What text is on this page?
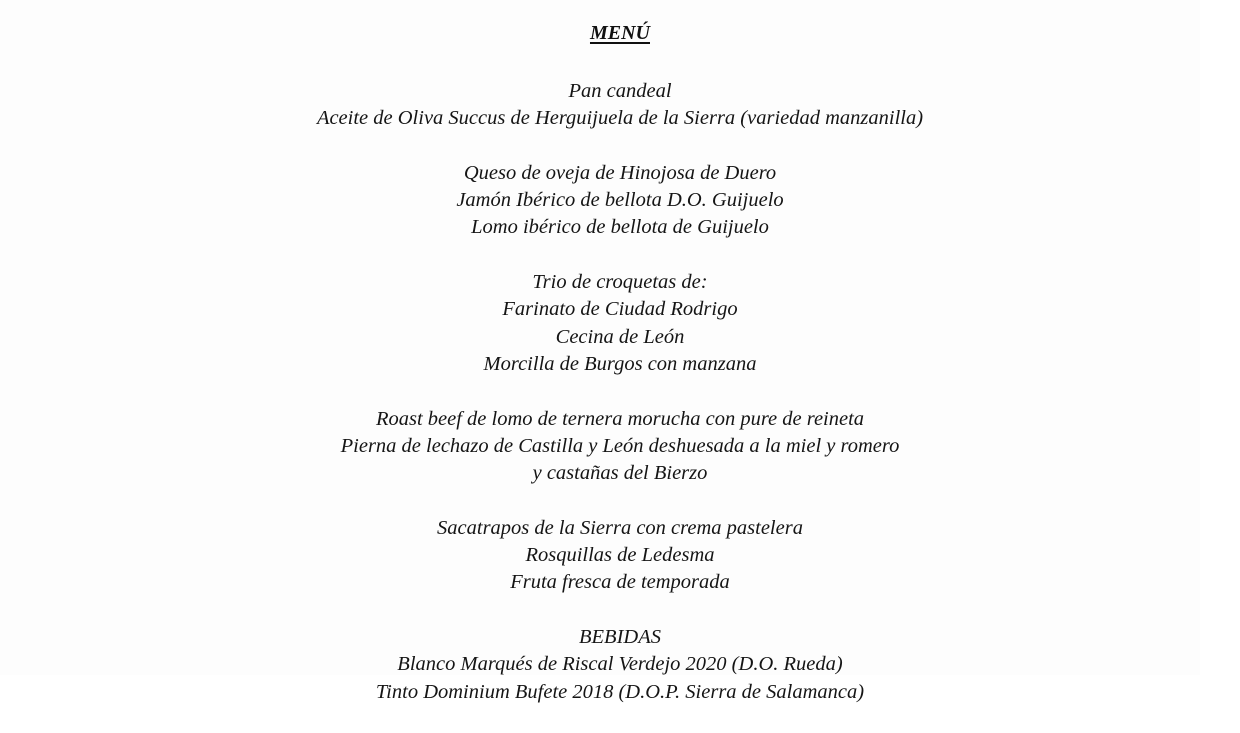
MENÚ
Pan candeal
Aceite de Oliva Succus de Herguijuela de la Sierra (variedad manzanilla)
Queso de oveja de Hinojosa de Duero
Jamón Ibérico de bellota D.O. Guijuelo
Lomo ibérico de bellota de Guijuelo
Trio de croquetas de:
Farinato de Ciudad Rodrigo
Cecina de León
Morcilla de Burgos con manzana
Roast beef de lomo de ternera morucha con pure de reineta
Pierna de lechazo de Castilla y León deshuesada a la miel y romero
y castañas del Bierzo
Sacatrapos de la Sierra con crema pastelera
Rosquillas de Ledesma
Fruta fresca de temporada
BEBIDAS
Blanco Marqués de Riscal Verdejo 2020 (D.O. Rueda)
Tinto Dominium Bufete 2018 (D.O.P. Sierra de Salamanca)
